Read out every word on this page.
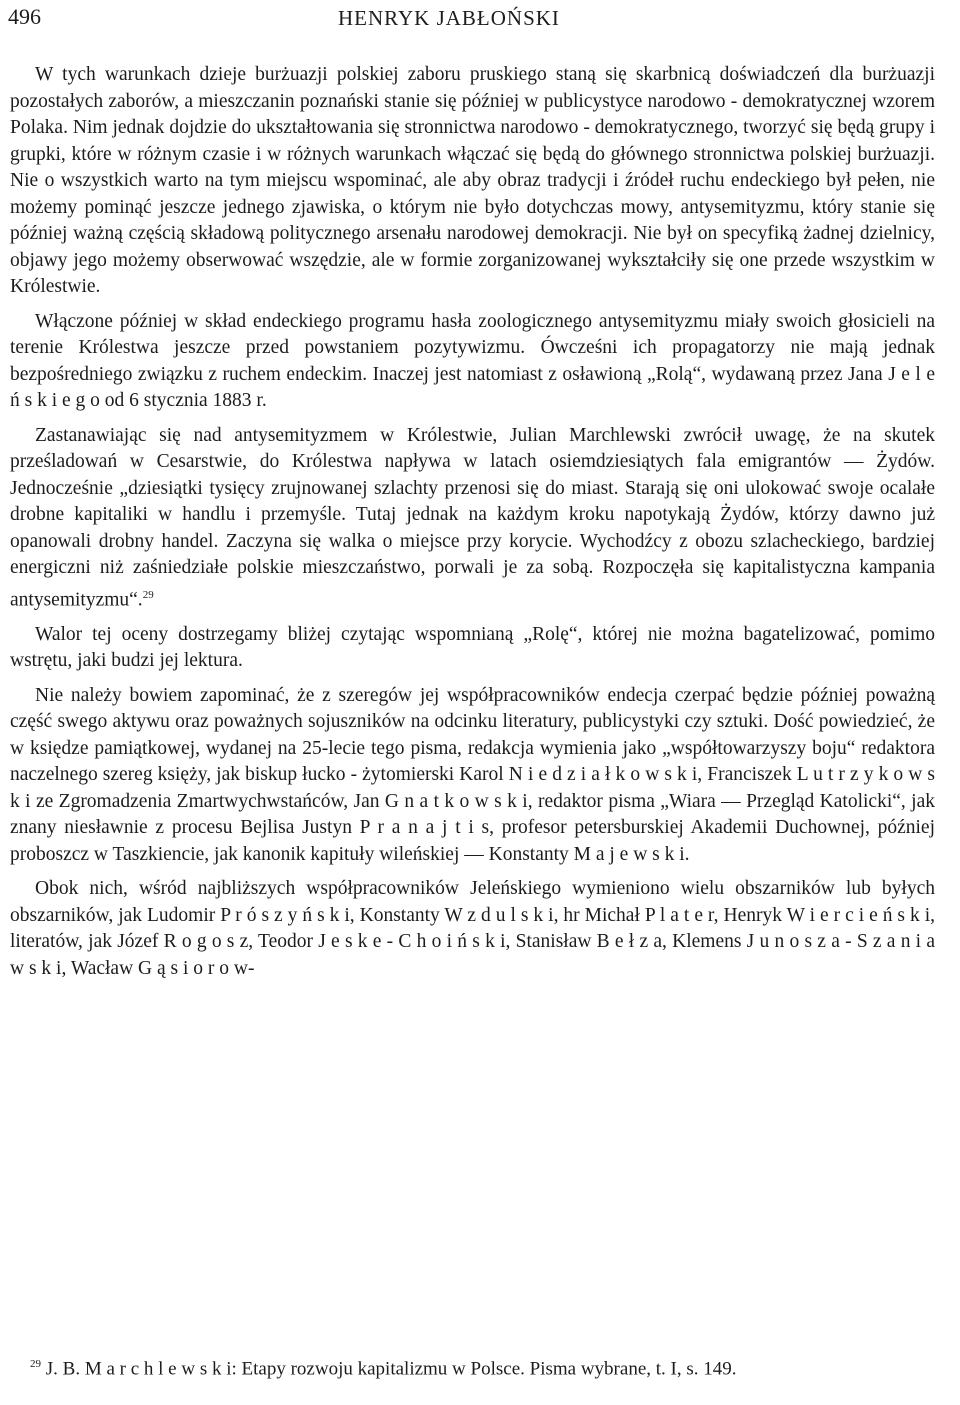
496	HENRYK JABŁOŃSKI

W tych warunkach dzieje burżuazji polskiej zaboru pruskiego staną się skarbnicą doświadczeń dla burżuazji pozostałych zaborów, a mieszczanin poznański stanie się później w publicystyce narodowo - demokratycznej wzorem Polaka. Nim jednak dojdzie do ukształtowania się stronnictwa narodowo - demokratycznego, tworzyć się będą grupy i grupki, które w różnym czasie i w różnych warunkach włączać się będą do głównego stronnictwa polskiej burżuazji. Nie o wszystkich warto na tym miejscu wspominać, ale aby obraz tradycji i źródeł ruchu endeckiego był pełen, nie możemy pominąć jeszcze jednego zjawiska, o którym nie było dotychczas mowy, antysemityzmu, który stanie się później ważną częścią składową politycznego arsenału narodowej demokracji. Nie był on specyfiką żadnej dzielnicy, objawy jego możemy obserwować wszędzie, ale w formie zorganizowanej wykształciły się one przede wszystkim w Królestwie.

Włączone później w skład endeckiego programu hasła zoologicznego antysemityzmu miały swoich głosicieli na terenie Królestwa jeszcze przed powstaniem pozytywizmu. Ówcześni ich propagatorzy nie mają jednak bezpośredniego związku z ruchem endeckim. Inaczej jest natomiast z osławioną „Rolą“, wydawaną przez Jana J e l e ń s k i e g o od 6 stycznia 1883 r.

Zastanawiając się nad antysemityzmem w Królestwie, Julian Marchlewski zwrócił uwagę, że na skutek prześladowań w Cesarstwie, do Królestwa napływa w latach osiemdziesiątych fala emigrantów — Żydów. Jednocześnie „dziesiątki tysięcy zrujnowanej szlachty przenosi się do miast. Starają się oni ulokować swoje ocalałe drobne kapitaliki w handlu i przemyśle. Tutaj jednak na każdym kroku napotykają Żydów, którzy dawno już opanowali drobny handel. Zaczyna się walka o miejsce przy korycie. Wychodźcy z obozu szlacheckiego, bardziej energiczni niż zaśniedziałe polskie mieszczaństwo, porwali je za sobą. Rozpoczęła się kapitalistyczna kampania antysemityzmu“.$^{29}$

Walor tej oceny dostrzegamy bliżej czytając wspomnianą „Rolę“, której nie można bagatelizować, pomimo wstrętu, jaki budzi jej lektura.

Nie należy bowiem zapominać, że z szeregów jej współpracowników endecja czerpać będzie później poważną część swego aktywu oraz poważnych sojuszników na odcinku literatury, publicystyki czy sztuki. Dość powiedzieć, że w księdze pamiątkowej, wydanej na 25-lecie tego pisma, redakcja wymienia jako „współtowarzyszy boju“ redaktora naczelnego szereg księży, jak biskup łucko - żytomierski Karol N i e d z i a ł k o w s k i, Franciszek L u t r z y k o w s k i ze Zgromadzenia Zmartwychwstańców, Jan G n a t k o w s k i, redaktor pisma „Wiara — Przegląd Katolicki“, jak znany niesławnie z procesu Bejlisa Justyn P r a n a j t i s, profesor petersburskiej Akademii Duchownej, później proboszcz w Taszkiencie, jak kanonik kapituły wileńskiej — Konstanty M a j e w s k i.

Obok nich, wśród najbliższych współpracowników Jeleńskiego wymieniono wielu obszarników lub byłych obszarników, jak Ludomir P r ó s z y ń s k i, Konstanty W z d u l s k i, hr Michał P l a t e r, Henryk W i e r c i e ń s k i, literatów, jak Józef R o g o s z, Teodor J e s k e - C h o i ń s k i, Stanisław B e ł z a, Klemens J u n o s z a - S z a n i a w s k i, Wacław G ą s i o r o w-

$^{29}$ J. B. M a r c h l e w s k i: Etapy rozwoju kapitalizmu w Polsce. Pisma wybrane, t. I, s. 149.
